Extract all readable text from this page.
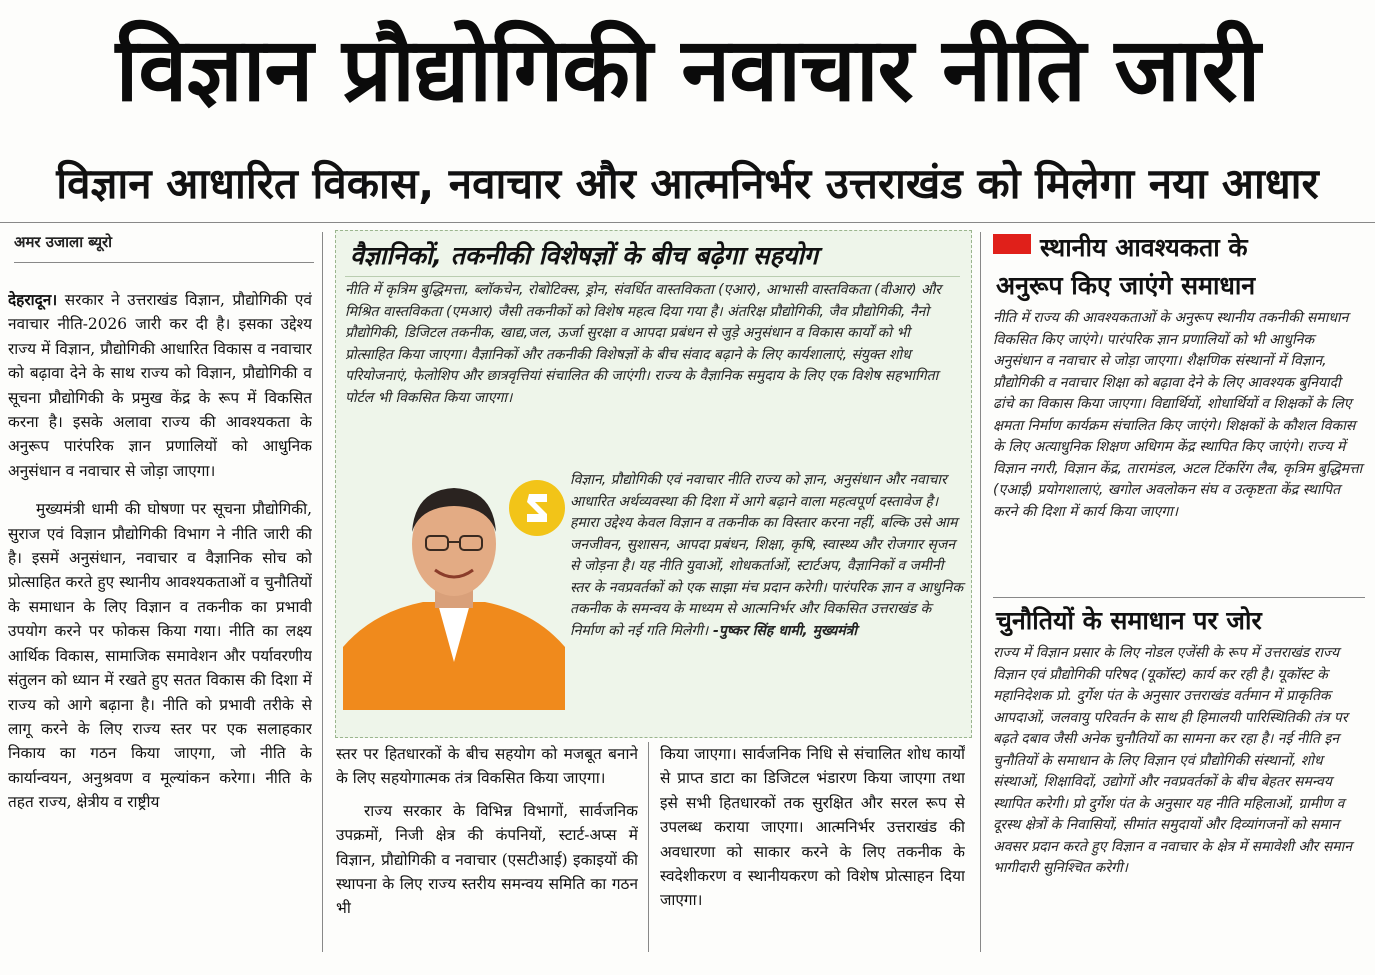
विज्ञान प्रौद्योगिकी नवाचार नीति जारी
विज्ञान आधारित विकास, नवाचार और आत्मनिर्भर उत्तराखंड को मिलेगा नया आधार
अमर उजाला ब्यूरो

देहरादून। सरकार ने उत्तराखंड विज्ञान, प्रौद्योगिकी एवं नवाचार नीति-2026 जारी कर दी है। इसका उद्देश्य राज्य में विज्ञान, प्रौद्योगिकी आधारित विकास व नवाचार को बढ़ावा देने के साथ राज्य को विज्ञान, प्रौद्योगिकी व सूचना प्रौद्योगिकी के प्रमुख केंद्र के रूप में विकसित करना है। इसके अलावा राज्य की आवश्यकता के अनुरूप पारंपरिक ज्ञान प्रणालियों को आधुनिक अनुसंधान व नवाचार से जोड़ा जाएगा।

मुख्यमंत्री धामी की घोषणा पर सूचना प्रौद्योगिकी, सुराज एवं विज्ञान प्रौद्योगिकी विभाग ने नीति जारी की है। इसमें अनुसंधान, नवाचार व वैज्ञानिक सोच को प्रोत्साहित करते हुए स्थानीय आवश्यकताओं व चुनौतियों के समाधान के लिए विज्ञान व तकनीक का प्रभावी उपयोग करने पर फोकस किया गया। नीति का लक्ष्य आर्थिक विकास, सामाजिक समावेशन और पर्यावरणीय संतुलन को ध्यान में रखते हुए सतत विकास की दिशा में राज्य को आगे बढ़ाना है। नीति को प्रभावी तरीके से लागू करने के लिए राज्य स्तर पर एक सलाहकार निकाय का गठन किया जाएगा, जो नीति के कार्यान्वयन, अनुश्रवण व मूल्यांकन करेगा। नीति के तहत राज्य, क्षेत्रीय व राष्ट्रीय

वैज्ञानिकों, तकनीकी विशेषज्ञों के बीच बढ़ेगा सहयोग
नीति में कृत्रिम बुद्धिमत्ता, ब्लॉकचेन, रोबोटिक्स, ड्रोन, संवर्धित वास्तविकता (एआर), आभासी वास्तविकता (वीआर) और मिश्रित वास्तविकता (एमआर) जैसी तकनीकों को विशेष महत्व दिया गया है। अंतरिक्ष प्रौद्योगिकी, जैव प्रौद्योगिकी, नैनो प्रौद्योगिकी, डिजिटल तकनीक, खाद्य,जल, ऊर्जा सुरक्षा व आपदा प्रबंधन से जुड़े अनुसंधान व विकास कार्यों को भी प्रोत्साहित किया जाएगा। वैज्ञानिकों और तकनीकी विशेषज्ञों के बीच संवाद बढ़ाने के लिए कार्यशालाएं, संयुक्त शोध परियोजनाएं, फेलोशिप और छात्रवृत्तियां संचालित की जाएंगी। राज्य के वैज्ञानिक समुदाय के लिए एक विशेष सहभागिता पोर्टल भी विकसित किया जाएगा।
विज्ञान, प्रौद्योगिकी एवं नवाचार नीति राज्य को ज्ञान, अनुसंधान और नवाचार आधारित अर्थव्यवस्था की दिशा में आगे बढ़ाने वाला महत्वपूर्ण दस्तावेज है। हमारा उद्देश्य केवल विज्ञान व तकनीक का विस्तार करना नहीं, बल्कि उसे आम जनजीवन, सुशासन, आपदा प्रबंधन, शिक्षा, कृषि, स्वास्थ्य और रोजगार सृजन से जोड़ना है। यह नीति युवाओं, शोधकर्ताओं, स्टार्टअप, वैज्ञानिकों व जमीनी स्तर के नवप्रवर्तकों को एक साझा मंच प्रदान करेगी। पारंपरिक ज्ञान व आधुनिक तकनीक के समन्वय के माध्यम से आत्मनिर्भर और विकसित उत्तराखंड के निर्माण को नई गति मिलेगी। -पुष्कर सिंह धामी, मुख्यमंत्री

स्तर पर हितधारकों के बीच सहयोग को मजबूत बनाने के लिए सहयोगात्मक तंत्र विकसित किया जाएगा।

राज्य सरकार के विभिन्न विभागों, सार्वजनिक उपक्रमों, निजी क्षेत्र की कंपनियों, स्टार्ट-अप्स में विज्ञान, प्रौद्योगिकी व नवाचार (एसटीआई) इकाइयों की स्थापना के लिए राज्य स्तरीय समन्वय समिति का गठन भी

किया जाएगा। सार्वजनिक निधि से संचालित शोध कार्यों से प्राप्त डाटा का डिजिटल भंडारण किया जाएगा तथा इसे सभी हितधारकों तक सुरक्षित और सरल रूप से उपलब्ध कराया जाएगा। आत्मनिर्भर उत्तराखंड की अवधारणा को साकार करने के लिए तकनीक के स्वदेशीकरण व स्थानीयकरण को विशेष प्रोत्साहन दिया जाएगा।

स्थानीय आवश्यकता के
अनुरूप किए जाएंगे समाधान
नीति में राज्य की आवश्यकताओं के अनुरूप स्थानीय तकनीकी समाधान विकसित किए जाएंगे। पारंपरिक ज्ञान प्रणालियों को भी आधुनिक अनुसंधान व नवाचार से जोड़ा जाएगा। शैक्षणिक संस्थानों में विज्ञान, प्रौद्योगिकी व नवाचार शिक्षा को बढ़ावा देने के लिए आवश्यक बुनियादी ढांचे का विकास किया जाएगा। विद्यार्थियों, शोधार्थियों व शिक्षकों के लिए क्षमता निर्माण कार्यक्रम संचालित किए जाएंगे। शिक्षकों के कौशल विकास के लिए अत्याधुनिक शिक्षण अधिगम केंद्र स्थापित किए जाएंगे। राज्य में विज्ञान नगरी, विज्ञान केंद्र, तारामंडल, अटल टिंकरिंग लैब, कृत्रिम बुद्धिमत्ता (एआई) प्रयोगशालाएं, खगोल अवलोकन संघ व उत्कृष्टता केंद्र स्थापित करने की दिशा में कार्य किया जाएगा।
चुनौतियों के समाधान पर जोर
राज्य में विज्ञान प्रसार के लिए नोडल एजेंसी के रूप में उत्तराखंड राज्य विज्ञान एवं प्रौद्योगिकी परिषद (यूकॉस्ट) कार्य कर रही है। यूकॉस्ट के महानिदेशक प्रो. दुर्गेश पंत के अनुसार उत्तराखंड वर्तमान में प्राकृतिक आपदाओं, जलवायु परिवर्तन के साथ ही हिमालयी पारिस्थितिकी तंत्र पर बढ़ते दबाव जैसी अनेक चुनौतियों का सामना कर रहा है। नई नीति इन चुनौतियों के समाधान के लिए विज्ञान एवं प्रौद्योगिकी संस्थानों, शोध संस्थाओं, शिक्षाविदों, उद्योगों और नवप्रवर्तकों के बीच बेहतर समन्वय स्थापित करेगी। प्रो दुर्गेश पंत के अनुसार यह नीति महिलाओं, ग्रामीण व दूरस्थ क्षेत्रों के निवासियों, सीमांत समुदायों और दिव्यांगजनों को समान अवसर प्रदान करते हुए विज्ञान व नवाचार के क्षेत्र में समावेशी और समान भागीदारी सुनिश्चित करेगी।
